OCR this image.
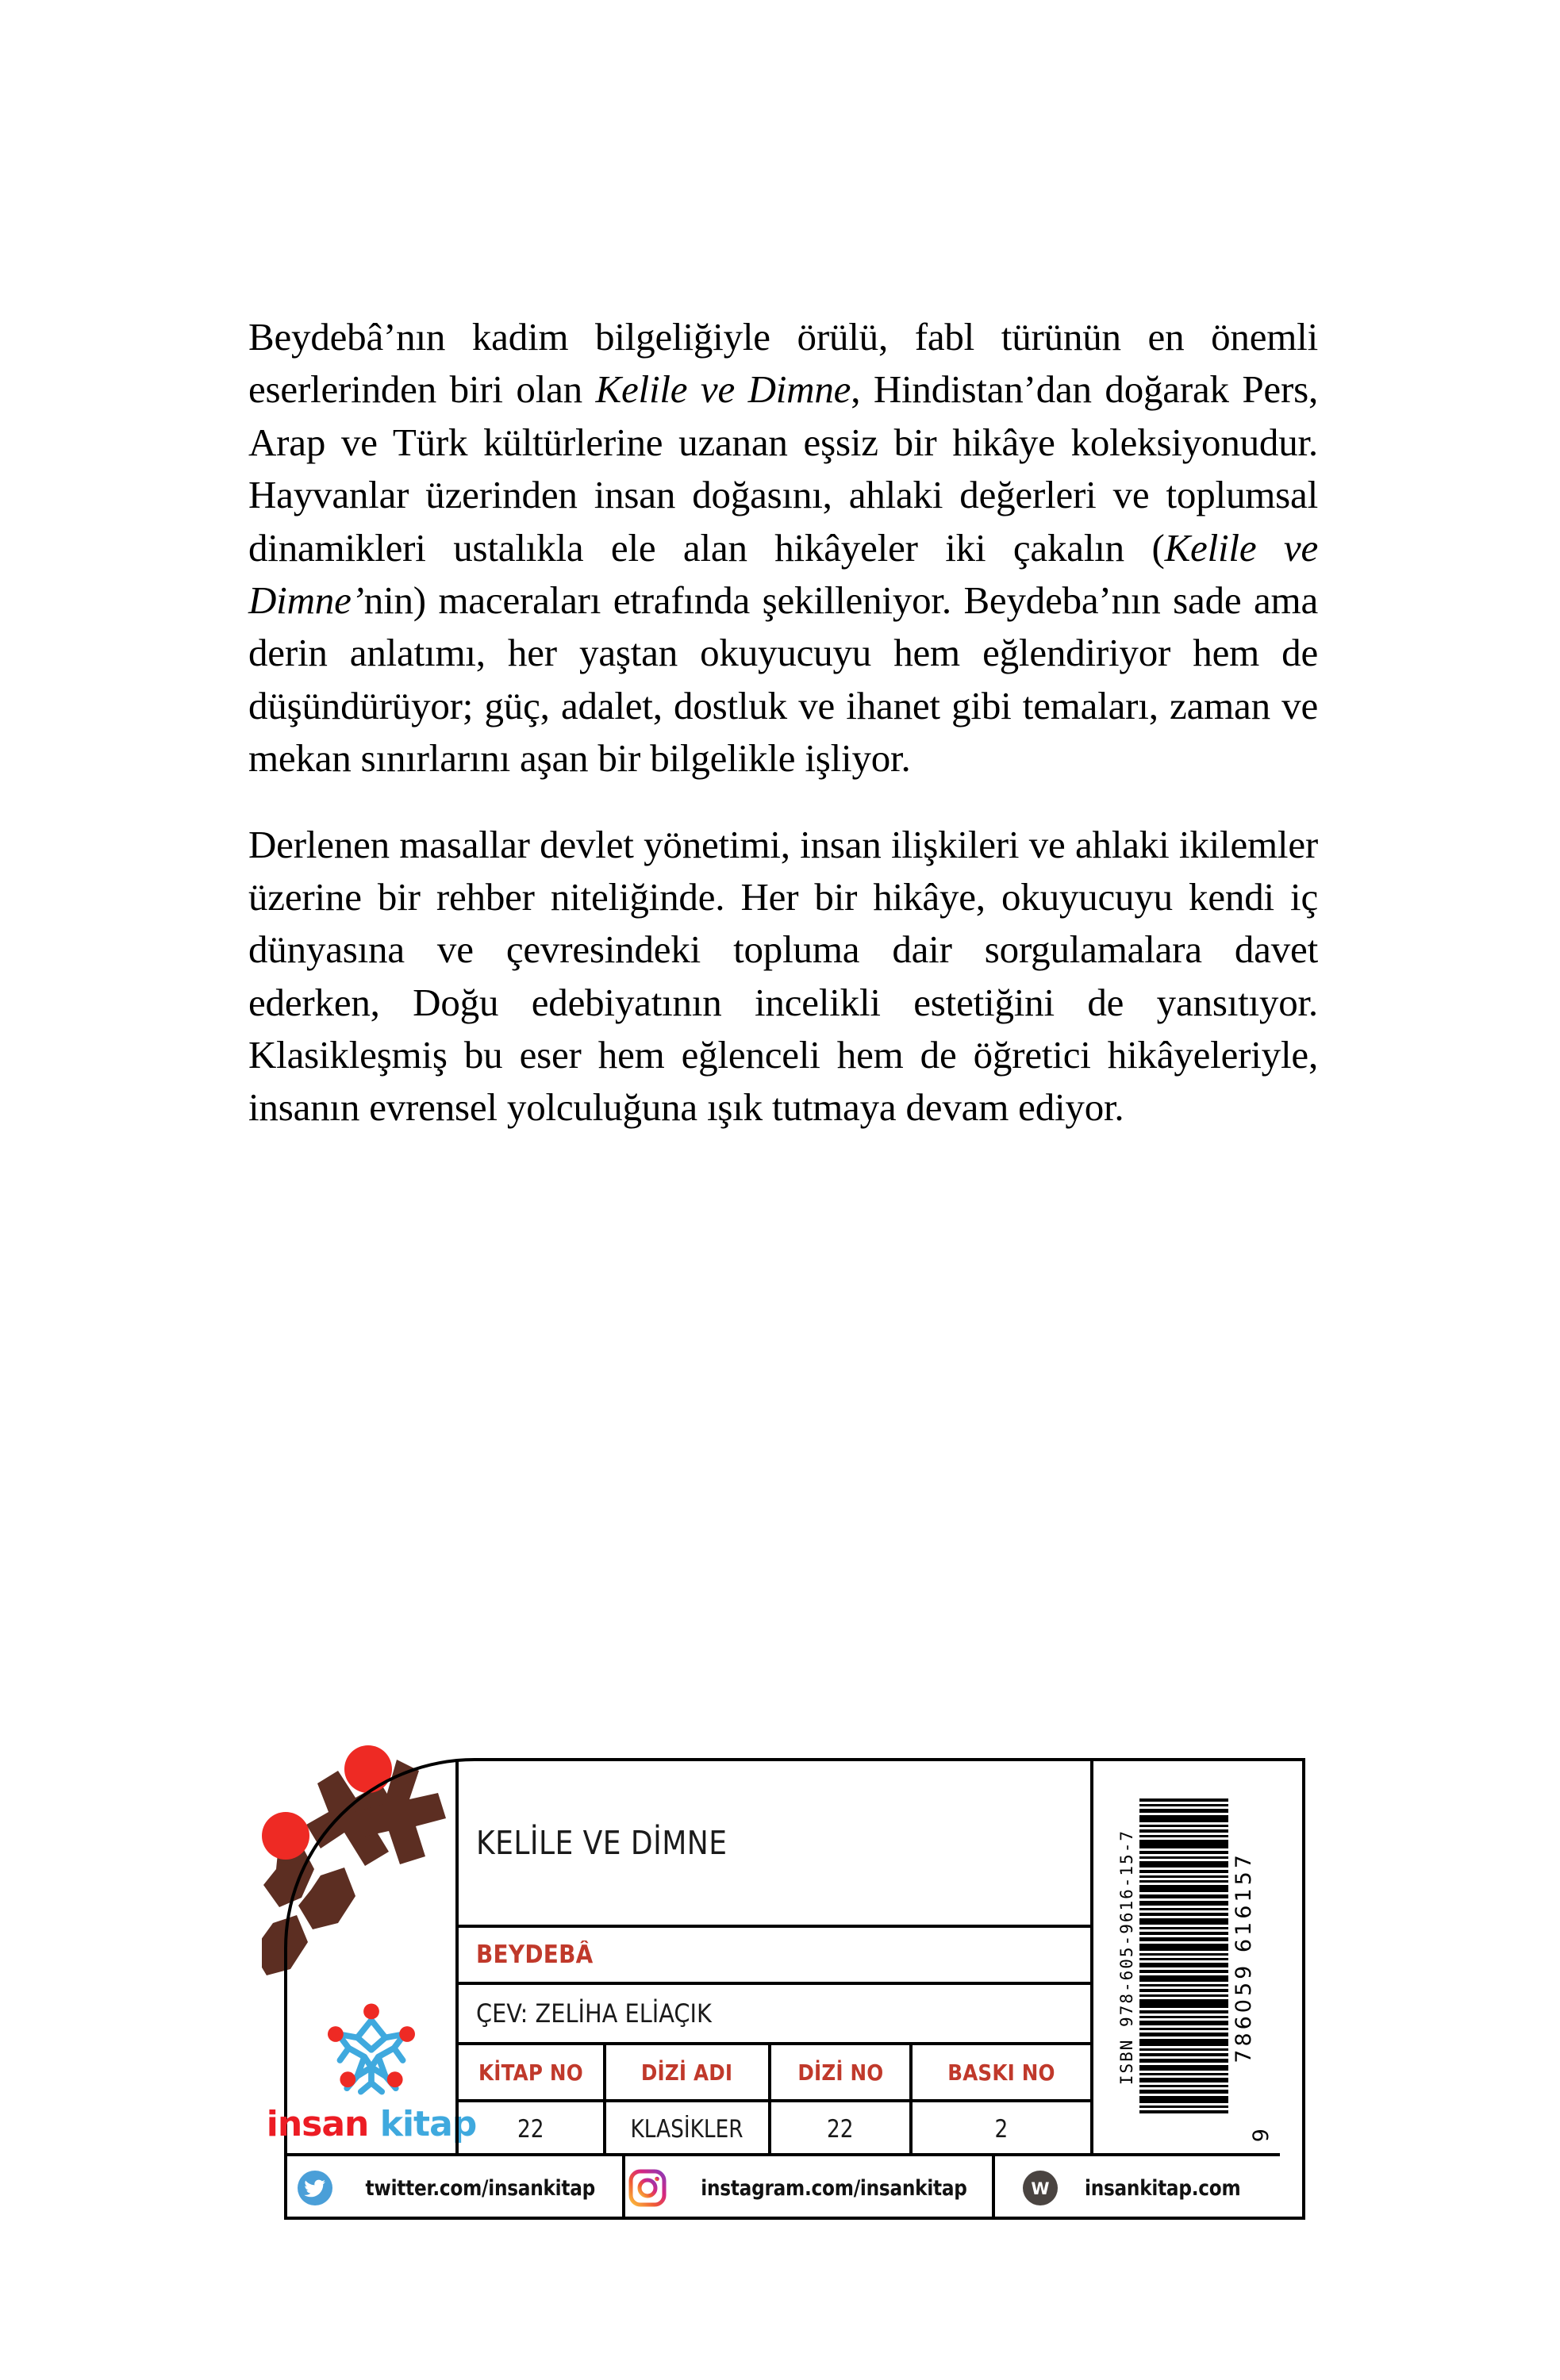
Beydebâ’nın kadim bilgeliğiyle örülü, fabl türünün en önemli eserlerinden biri olan Kelile ve Dimne, Hindistan’dan doğarak Pers, Arap ve Türk kültürlerine uzanan eşsiz bir hikâye koleksiyonudur. Hayvanlar üzerinden insan doğasını, ahlaki değerleri ve toplumsal dinamikleri ustalıkla ele alan hikâyeler iki çakalın (Kelile ve Dimne’nin) maceraları etrafında şekilleniyor. Beydeba’nın sade ama derin anlatımı, her yaştan okuyucuyu hem eğlendiriyor hem de düşündürüyor; güç, adalet, dostluk ve ihanet gibi temaları, zaman ve mekan sınırlarını aşan bir bilgelikle işliyor.

Derlenen masallar devlet yönetimi, insan ilişkileri ve ahlaki ikilemler üzerine bir rehber niteliğinde. Her bir hikâye, okuyucuyu kendi iç dünyasına ve çevresindeki topluma dair sorgulamalara davet ederken, Doğu edebiyatının incelikli estetiğini de yansıtıyor. Klasikleşmiş bu eser hem eğlenceli hem de öğretici hikâyeleriyle, insanın evrensel yolculuğuna ışık tutmaya devam ediyor.

insan kitap
KELİLE VE DİMNE
BEYDEBÂ
ÇEV: ZELİHA ELİAÇIK
KİTAP NO	DİZİ ADI	DİZİ NO	BASKI NO
22	KLASİKLER	22	2
ISBN 978-605-9616-15-7	786059 616157
9
twitter.com/insankitap	instagram.com/insankitap	W insankitap.com
